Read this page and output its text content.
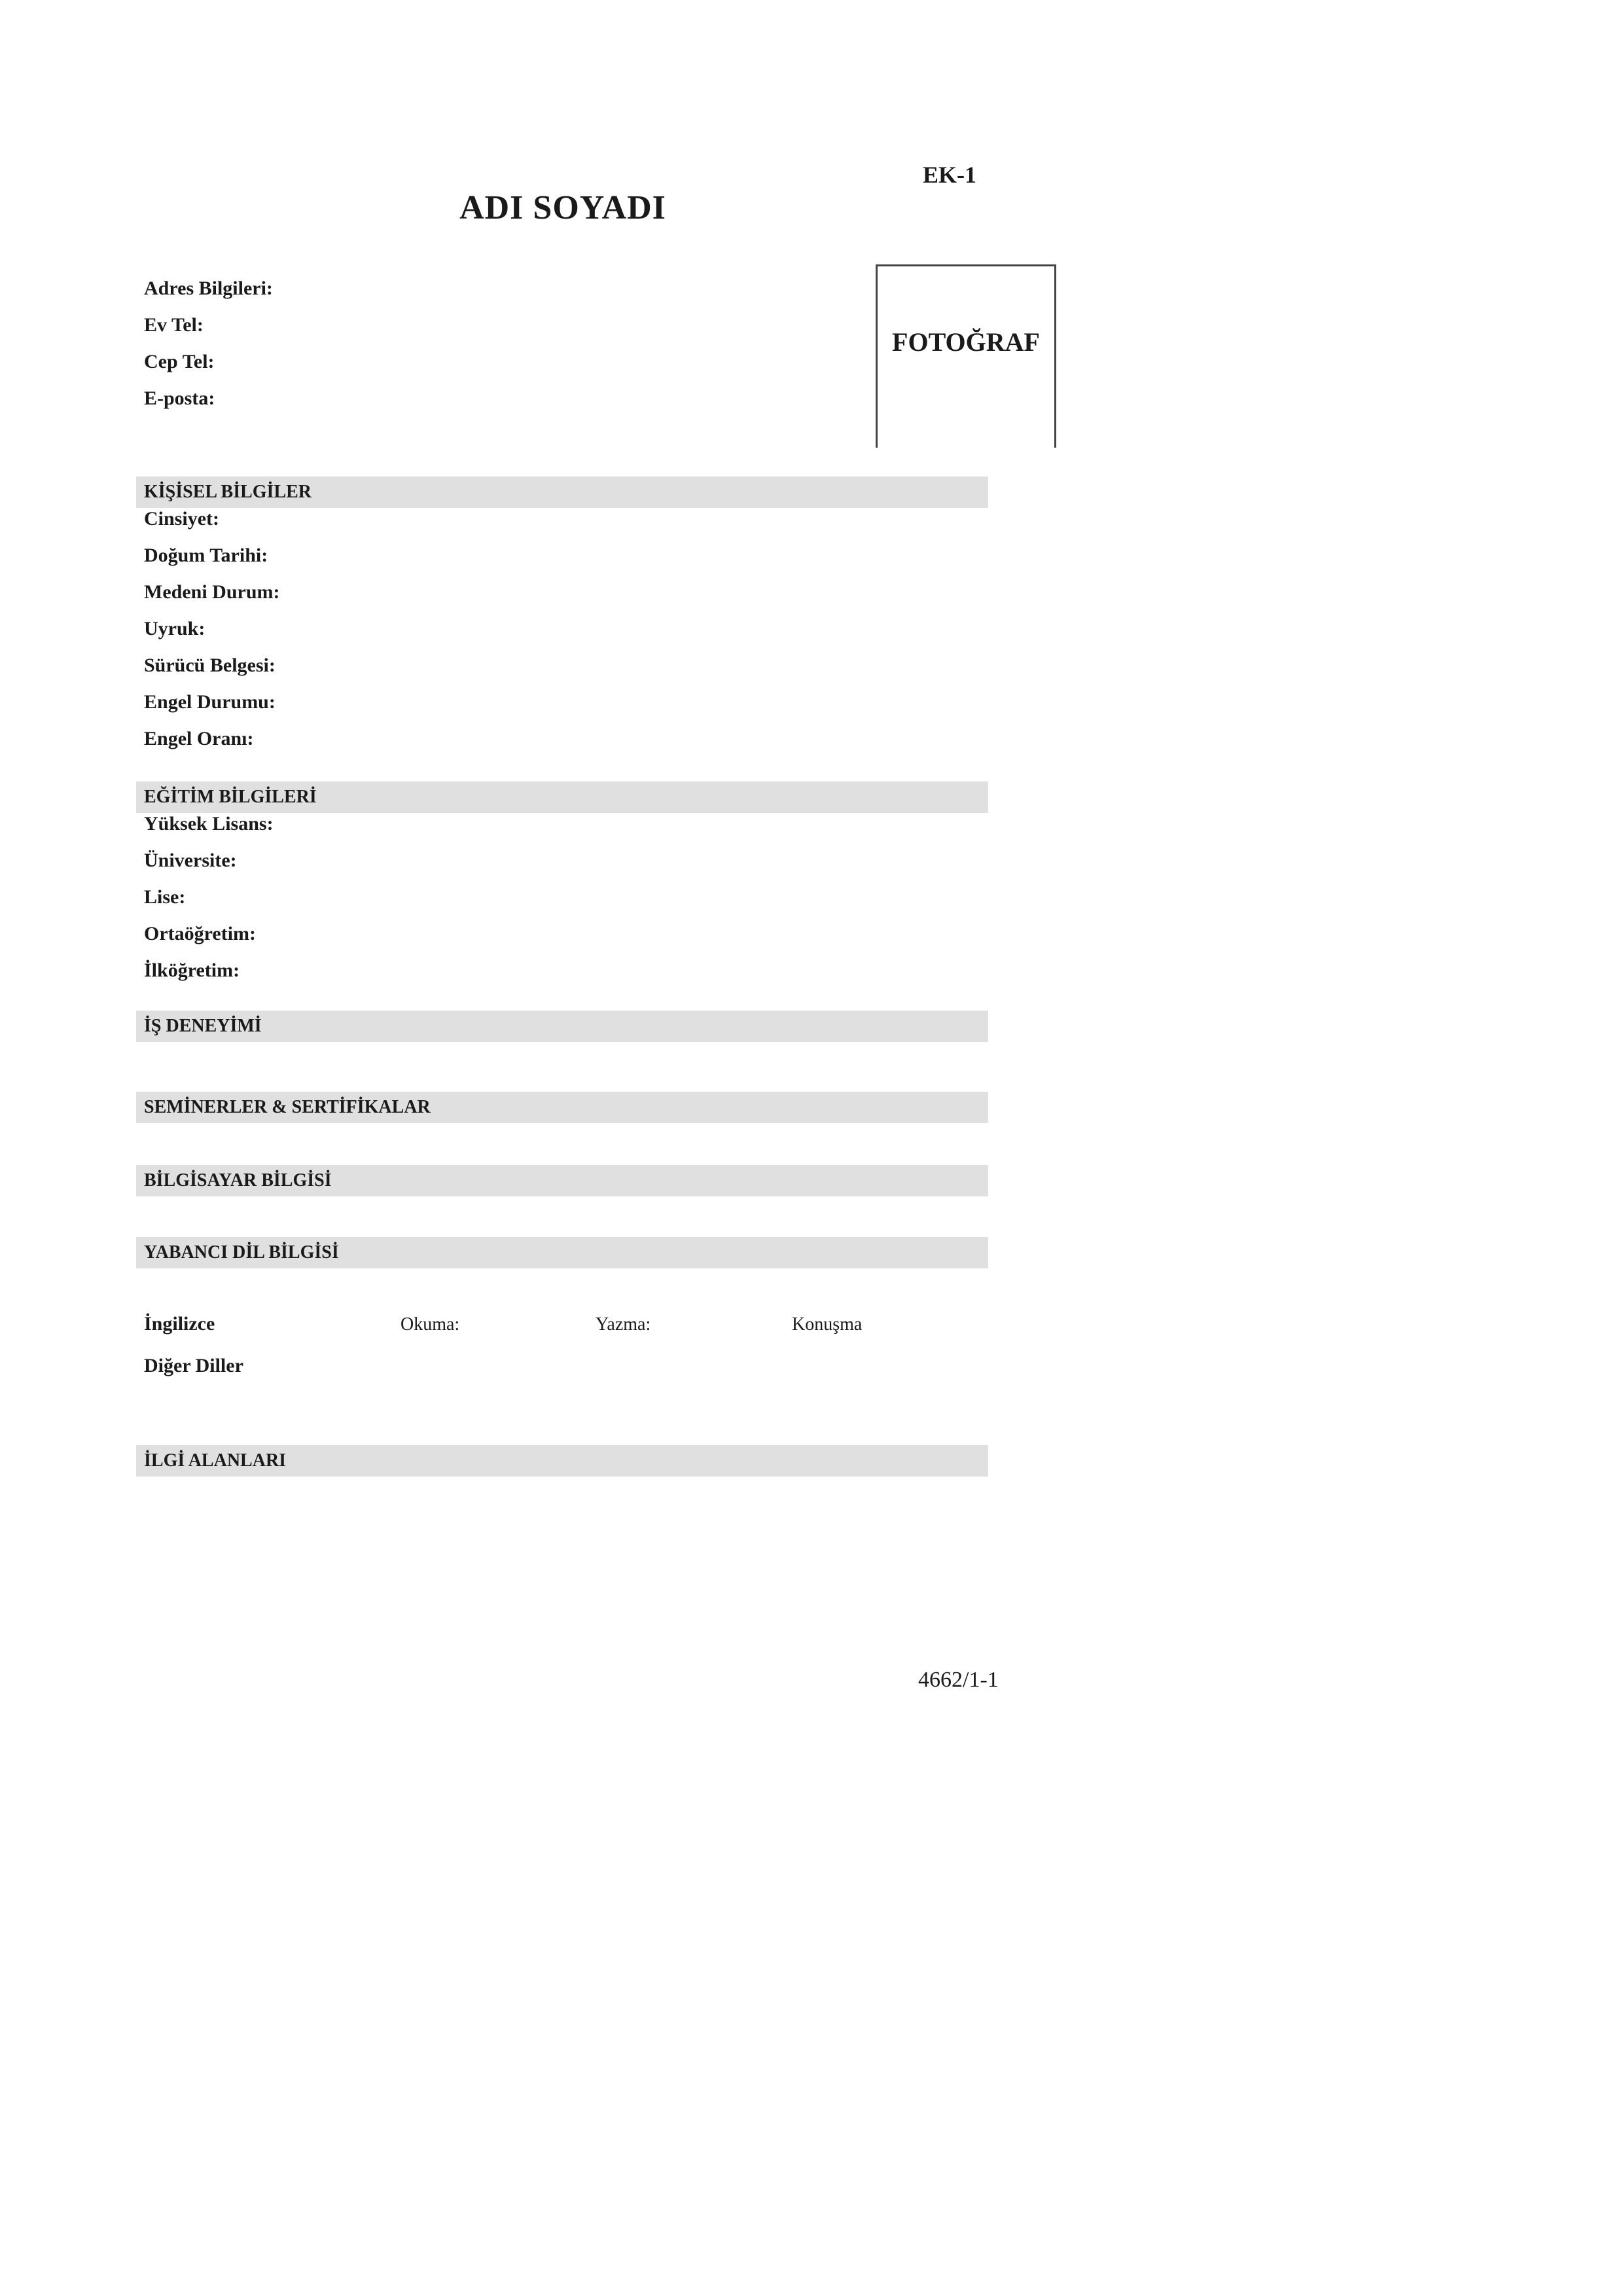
EK-1
ADI SOYADI
FOTOĞRAF
Adres Bilgileri:
Ev Tel:
Cep Tel:
E-posta:
KİŞİSEL BİLGİLER
Cinsiyet:
Doğum Tarihi:
Medeni Durum:
Uyruk:
Sürücü Belgesi:
Engel Durumu:
Engel Oranı:
EĞİTİM BİLGİLERİ
Yüksek Lisans:
Üniversite:
Lise:
Ortaöğretim:
İlköğretim:
İŞ DENEYİMİ
SEMİNERLER & SERTİFİKALAR
BİLGİSAYAR BİLGİSİ
YABANCI DİL BİLGİSİ
İngilizce	Okuma:	Yazma:	Konuşma
Diğer Diller
İLGİ ALANLARI
4662/1-1
